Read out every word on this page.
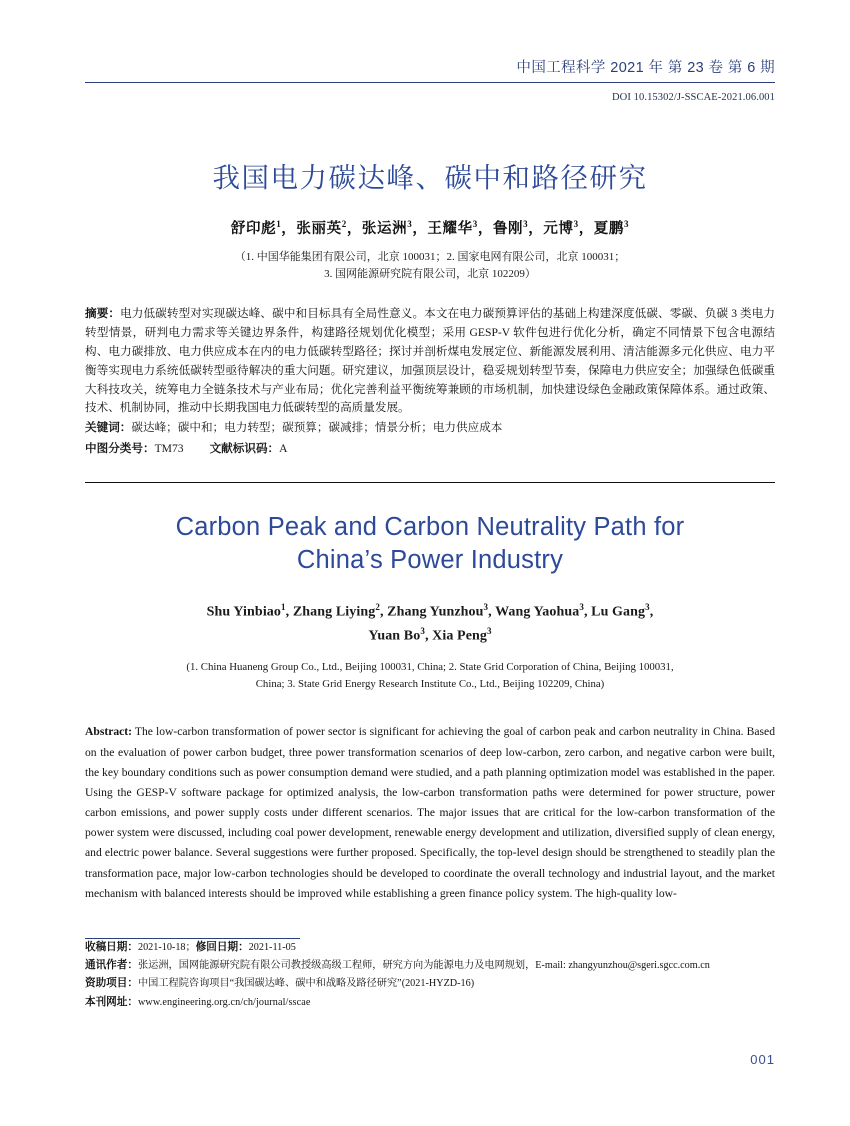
中国工程科学 2021 年 第 23 卷 第 6 期
DOI 10.15302/J-SSCAE-2021.06.001
我国电力碳达峰、碳中和路径研究
舒印彪$^1$，张丽英$^2$，张运洲$^3$，王耀华$^3$，鲁刚$^3$，元博$^3$，夏鹏$^3$
（1. 中国华能集团有限公司，北京 100031；2. 国家电网有限公司，北京 100031；
3. 国网能源研究院有限公司，北京 102209）
摘要：电力低碳转型对实现碳达峰、碳中和目标具有全局性意义。本文在电力碳预算评估的基础上构建深度低碳、零碳、负碳 3 类电力转型情景，研判电力需求等关键边界条件，构建路径规划优化模型；采用 GESP-V 软件包进行优化分析，确定不同情景下包含电源结构、电力碳排放、电力供应成本在内的电力低碳转型路径；探讨并剖析煤电发展定位、新能源发展利用、清洁能源多元化供应、电力平衡等实现电力系统低碳转型亟待解决的重大问题。研究建议，加强顶层设计，稳妥规划转型节奏，保障电力供应安全；加强绿色低碳重大科技攻关，统筹电力全链条技术与产业布局；优化完善利益平衡统筹兼顾的市场机制，加快建设绿色金融政策保障体系。通过政策、技术、机制协同，推动中长期我国电力低碳转型的高质量发展。
关键词：碳达峰；碳中和；电力转型；碳预算；碳减排；情景分析；电力供应成本
中图分类号：TM73 文献标识码：A
Carbon Peak and Carbon Neutrality Path for
China’s Power Industry
Shu Yinbiao$^1$, Zhang Liying$^2$, Zhang Yunzhou$^3$, Wang Yaohua$^3$, Lu Gang$^3$,
Yuan Bo$^3$, Xia Peng$^3$
(1. China Huaneng Group Co., Ltd., Beijing 100031, China; 2. State Grid Corporation of China, Beijing 100031,
China; 3. State Grid Energy Research Institute Co., Ltd., Beijing 102209, China)
Abstract: The low-carbon transformation of power sector is significant for achieving the goal of carbon peak and carbon neutrality in China. Based on the evaluation of power carbon budget, three power transformation scenarios of deep low-carbon, zero carbon, and negative carbon were built, the key boundary conditions such as power consumption demand were studied, and a path planning optimization model was established in the paper. Using the GESP-V software package for optimized analysis, the low-carbon transformation paths were determined for power structure, power carbon emissions, and power supply costs under different scenarios. The major issues that are critical for the low-carbon transformation of the power system were discussed, including coal power development, renewable energy development and utilization, diversified supply of clean energy, and electric power balance. Several suggestions were further proposed. Specifically, the top-level design should be strengthened to steadily plan the transformation pace, major low-carbon technologies should be developed to coordinate the overall technology and industrial layout, and the market mechanism with balanced interests should be improved while establishing a green finance policy system. The high-quality low-
收稿日期：2021-10-18；修回日期：2021-11-05
通讯作者：张运洲，国网能源研究院有限公司教授级高级工程师，研究方向为能源电力及电网规划，E-mail: zhangyunzhou@sgeri.sgcc.com.cn
资助项目：中国工程院咨询项目“我国碳达峰、碳中和战略及路径研究”(2021-HYZD-16)
本刊网址：www.engineering.org.cn/ch/journal/sscae
001
